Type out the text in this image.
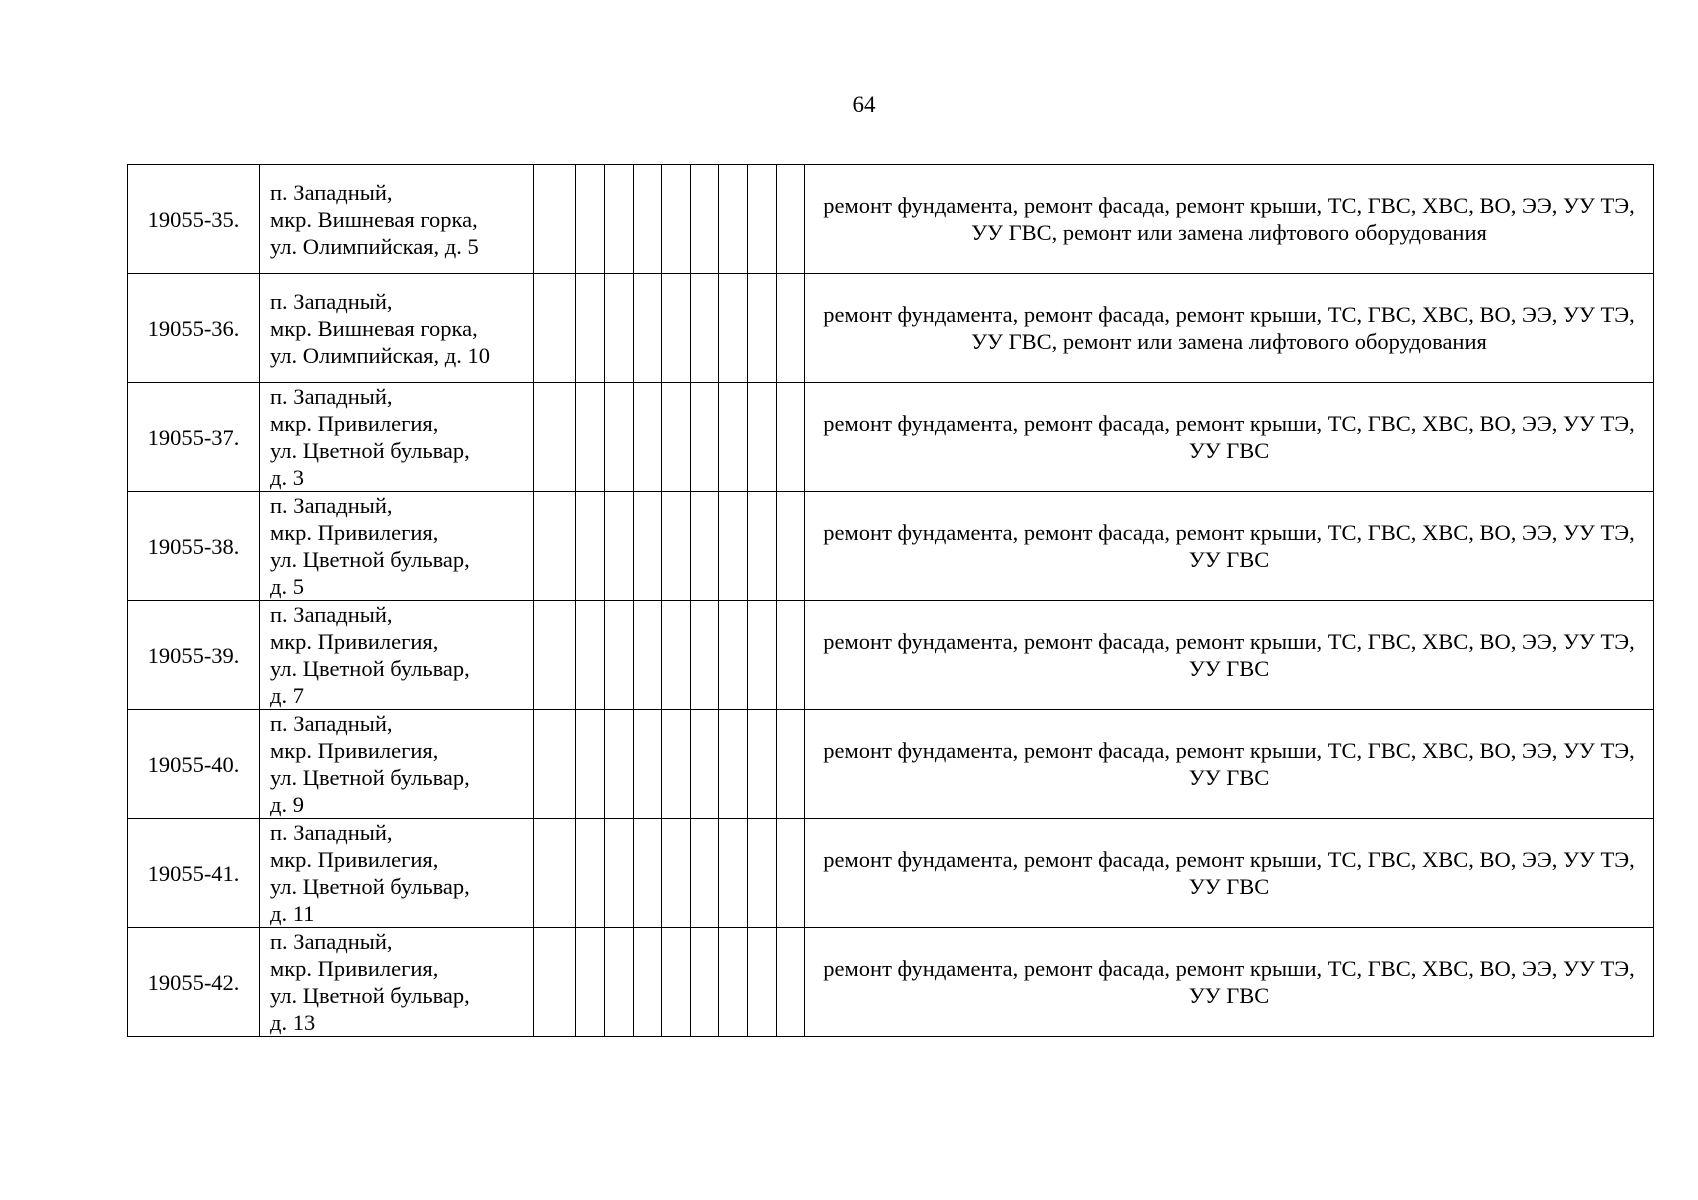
64
19055-35.	п. Западный,
мкр. Вишневая горка,
ул. Олимпийская, д. 5										ремонт фундамента, ремонт фасада, ремонт крыши, ТС, ГВС, ХВС, ВО, ЭЭ, УУ ТЭ, УУ ГВС, ремонт или замена лифтового оборудования
19055-36.	п. Западный,
мкр. Вишневая горка,
ул. Олимпийская, д. 10										ремонт фундамента, ремонт фасада, ремонт крыши, ТС, ГВС, ХВС, ВО, ЭЭ, УУ ТЭ, УУ ГВС, ремонт или замена лифтового оборудования
19055-37.	п. Западный,
мкр. Привилегия,
ул. Цветной бульвар,
д. 3										ремонт фундамента, ремонт фасада, ремонт крыши, ТС, ГВС, ХВС, ВО, ЭЭ, УУ ТЭ, УУ ГВС
19055-38.	п. Западный,
мкр. Привилегия,
ул. Цветной бульвар,
д. 5										ремонт фундамента, ремонт фасада, ремонт крыши, ТС, ГВС, ХВС, ВО, ЭЭ, УУ ТЭ, УУ ГВС
19055-39.	п. Западный,
мкр. Привилегия,
ул. Цветной бульвар,
д. 7										ремонт фундамента, ремонт фасада, ремонт крыши, ТС, ГВС, ХВС, ВО, ЭЭ, УУ ТЭ, УУ ГВС
19055-40.	п. Западный,
мкр. Привилегия,
ул. Цветной бульвар,
д. 9										ремонт фундамента, ремонт фасада, ремонт крыши, ТС, ГВС, ХВС, ВО, ЭЭ, УУ ТЭ, УУ ГВС
19055-41.	п. Западный,
мкр. Привилегия,
ул. Цветной бульвар,
д. 11										ремонт фундамента, ремонт фасада, ремонт крыши, ТС, ГВС, ХВС, ВО, ЭЭ, УУ ТЭ, УУ ГВС
19055-42.	п. Западный,
мкр. Привилегия,
ул. Цветной бульвар,
д. 13										ремонт фундамента, ремонт фасада, ремонт крыши, ТС, ГВС, ХВС, ВО, ЭЭ, УУ ТЭ, УУ ГВС
